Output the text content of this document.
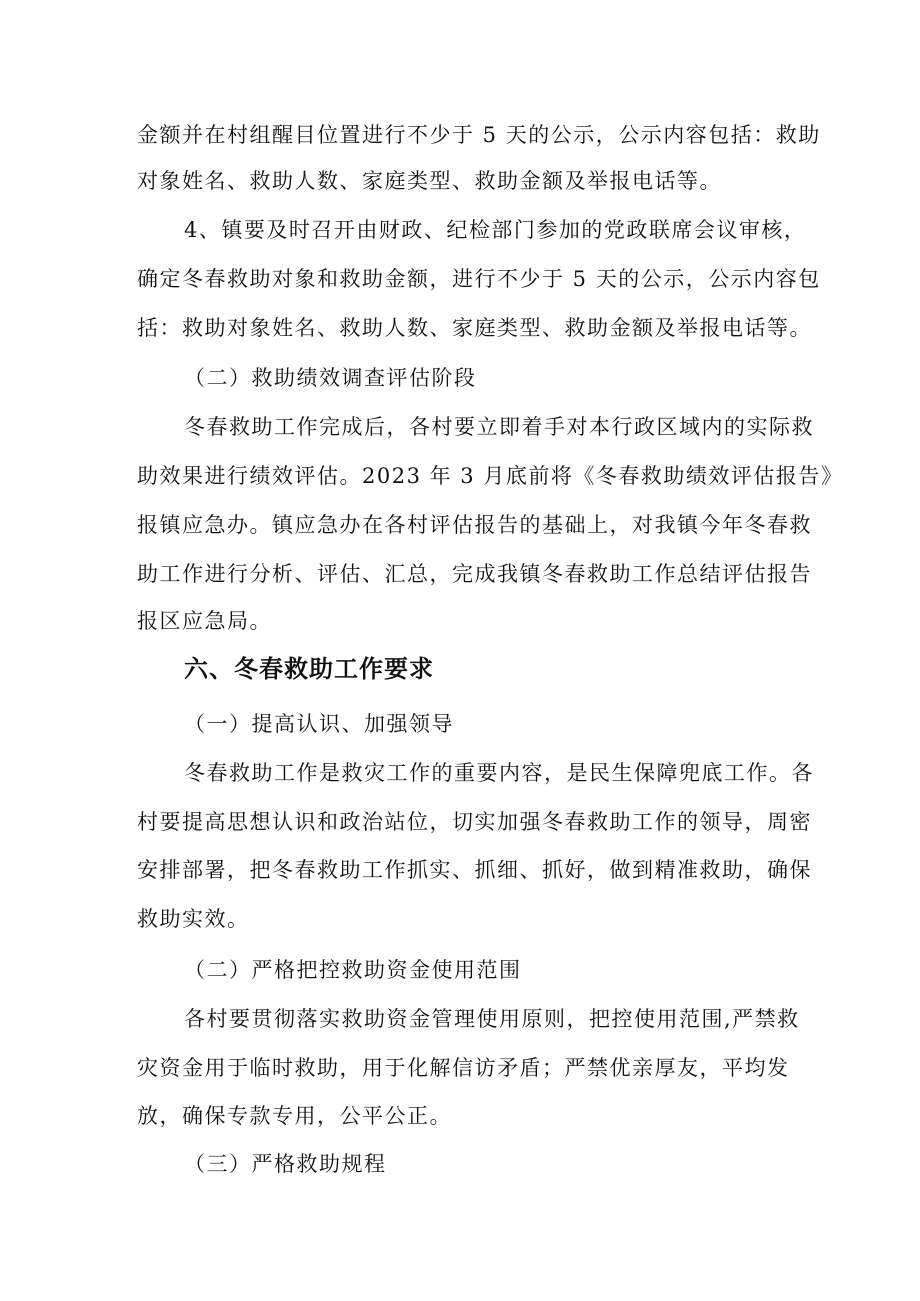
金额并在村组醒目位置进行不少于 5 天的公示，公示内容包括：救助

对象姓名、救助人数、家庭类型、救助金额及举报电话等。

4、镇要及时召开由财政、纪检部门参加的党政联席会议审核，

确定冬春救助对象和救助金额，进行不少于 5 天的公示，公示内容包

括：救助对象姓名、救助人数、家庭类型、救助金额及举报电话等。

（二）救助绩效调查评估阶段

冬春救助工作完成后，各村要立即着手对本行政区域内的实际救

助效果进行绩效评估。2023 年 3 月底前将《冬春救助绩效评估报告》

报镇应急办。镇应急办在各村评估报告的基础上，对我镇今年冬春救

助工作进行分析、评估、汇总，完成我镇冬春救助工作总结评估报告

报区应急局。

六、冬春救助工作要求

（一）提高认识、加强领导

冬春救助工作是救灾工作的重要内容，是民生保障兜底工作。各

村要提高思想认识和政治站位，切实加强冬春救助工作的领导，周密

安排部署，把冬春救助工作抓实、抓细、抓好，做到精准救助，确保

救助实效。

（二）严格把控救助资金使用范围

各村要贯彻落实救助资金管理使用原则，把控使用范围,严禁救

灾资金用于临时救助，用于化解信访矛盾；严禁优亲厚友，平均发

放，确保专款专用，公平公正。

（三）严格救助规程
